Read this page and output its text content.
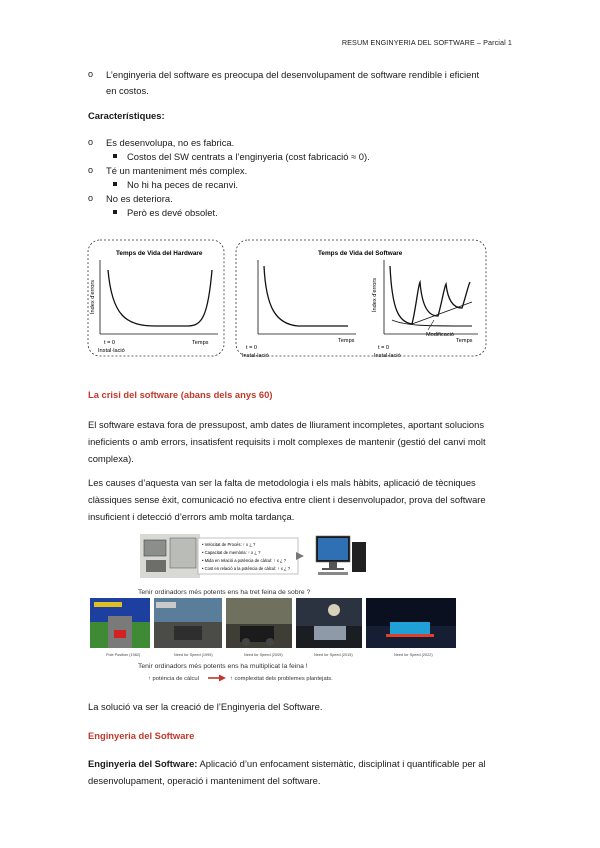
RESUM ENGINYERIA DEL SOFTWARE – Parcial 1
o L’enginyeria del software es preocupa del desenvolupament de software rendible i eficient
en costos.
Característiques:
o Es desenvolupa, no es fabrica.
Costos del SW centrats a l’enginyeria (cost fabricació ≈ 0).
o Té un manteniment més complex.
No hi ha peces de recanvi.
o No es deteriora.
Però es devé obsolet.
Temps de Vida del Hardware
Índex d'errors
t = 0
Instal·lació
Temps
Temps de Vida del Software
t = 0
Instal·lació
Temps
Índex d'errors
Modificació
t = 0
Instal·lació
Temps
La crisi del software (abans dels anys 60)
El software estava fora de pressupost, amb dates de lliurament incompletes, aportant solucions
ineficients o amb errors, insatisfent requisits i molt complexes de mantenir (gestió del canvi molt
complexa).
Les causes d’aquesta van ser la falta de metodologia i els mals hàbits, aplicació de tècniques
clàssiques sense èxit, comunicació no efectiva entre client i desenvolupador, prova del software
insuficient i detecció d’errors amb molta tardança.
• Velocitat de Procés: ↑ x ¿ ?
• Capacitat de memòria: ↑ x ¿ ?
• Mida en relació a potència de càlcul: ↑ x ¿ ?
• Cost en relació a la potència de càlcul: ↑ x ¿ ?
Tenir ordinadors més potents ens ha tret feina de sobre ?
Pole Position (1982)	Need for Speed (1995)	Need for Speed (2005)	Need for Speed (2015)	Need for Speed (2022)
Tenir ordinadors més potents ens ha multiplicat la feina !
↑ potència de càlcul	↑ complexitat dels problemes plantejats.
La solució va ser la creació de l’Enginyeria del Software.
Enginyeria del Software
Enginyeria del Software: Aplicació d’un enfocament sistemàtic, disciplinat i quantificable per al
desenvolupament, operació i manteniment del software.
